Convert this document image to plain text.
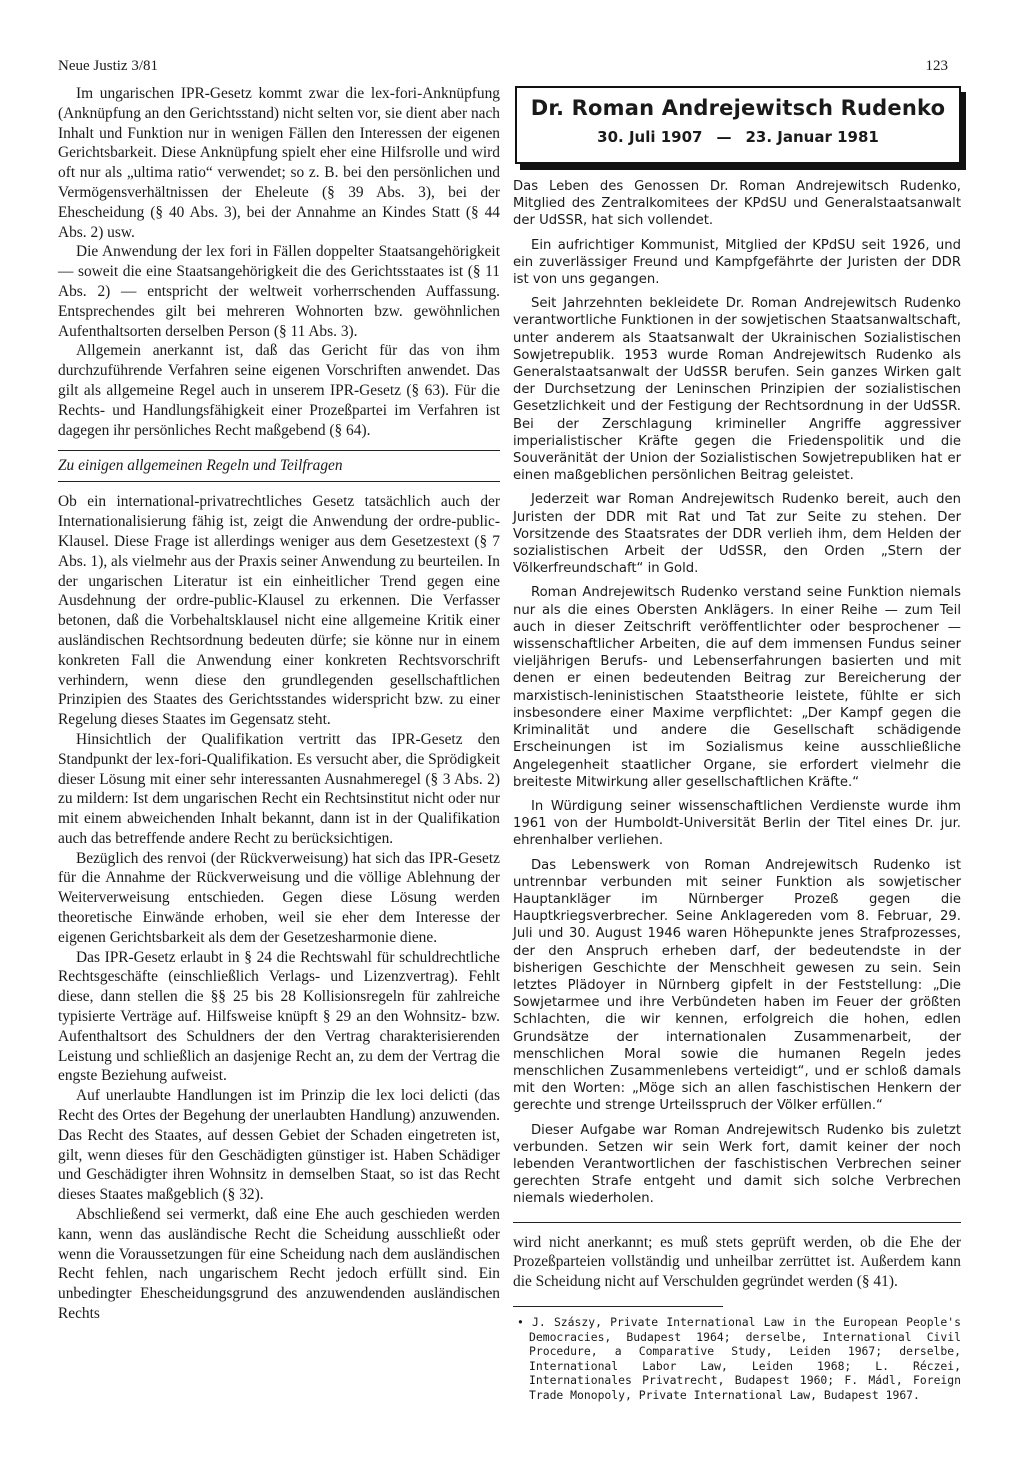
Neue Justiz 3/81	123

Im ungarischen IPR-Gesetz kommt zwar die lex-fori-Anknüpfung (Anknüpfung an den Gerichtsstand) nicht selten vor, sie dient aber nach Inhalt und Funktion nur in wenigen Fällen den Interessen der eigenen Gerichtsbarkeit. Diese Anknüpfung spielt eher eine Hilfsrolle und wird oft nur als „ultima ratio“ verwendet; so z. B. bei den persönlichen und Vermögensverhältnissen der Eheleute (§ 39 Abs. 3), bei der Ehescheidung (§ 40 Abs. 3), bei der Annahme an Kindes Statt (§ 44 Abs. 2) usw.

Die Anwendung der lex fori in Fällen doppelter Staatsangehörigkeit — soweit die eine Staatsangehörigkeit die des Gerichtsstaates ist (§ 11 Abs. 2) — entspricht der weltweit vorherrschenden Auffassung. Entsprechendes gilt bei mehreren Wohnorten bzw. gewöhnlichen Aufenthaltsorten derselben Person (§ 11 Abs. 3).

Allgemein anerkannt ist, daß das Gericht für das von ihm durchzuführende Verfahren seine eigenen Vorschriften anwendet. Das gilt als allgemeine Regel auch in unserem IPR-Gesetz (§ 63). Für die Rechts- und Handlungsfähigkeit einer Prozeßpartei im Verfahren ist dagegen ihr persönliches Recht maßgebend (§ 64).

Zu einigen allgemeinen Regeln und Teilfragen

Ob ein international-privatrechtliches Gesetz tatsächlich auch der Internationalisierung fähig ist, zeigt die Anwendung der ordre-public-Klausel. Diese Frage ist allerdings weniger aus dem Gesetzestext (§ 7 Abs. 1), als vielmehr aus der Praxis seiner Anwendung zu beurteilen. In der ungarischen Literatur ist ein einheitlicher Trend gegen eine Ausdehnung der ordre-public-Klausel zu erkennen. Die Verfasser betonen, daß die Vorbehaltsklausel nicht eine allgemeine Kritik einer ausländischen Rechtsordnung bedeuten dürfe; sie könne nur in einem konkreten Fall die Anwendung einer konkreten Rechtsvorschrift verhindern, wenn diese den grundlegenden gesellschaftlichen Prinzipien des Staates des Gerichtsstandes widerspricht bzw. zu einer Regelung dieses Staates im Gegensatz steht.

Hinsichtlich der Qualifikation vertritt das IPR-Gesetz den Standpunkt der lex-fori-Qualifikation. Es versucht aber, die Sprödigkeit dieser Lösung mit einer sehr interessanten Ausnahmeregel (§ 3 Abs. 2) zu mildern: Ist dem ungarischen Recht ein Rechtsinstitut nicht oder nur mit einem abweichenden Inhalt bekannt, dann ist in der Qualifikation auch das betreffende andere Recht zu berücksichtigen.

Bezüglich des renvoi (der Rückverweisung) hat sich das IPR-Gesetz für die Annahme der Rückverweisung und die völlige Ablehnung der Weiterverweisung entschieden. Gegen diese Lösung werden theoretische Einwände erhoben, weil sie eher dem Interesse der eigenen Gerichtsbarkeit als dem der Gesetzesharmonie diene.

Das IPR-Gesetz erlaubt in § 24 die Rechtswahl für schuldrechtliche Rechtsgeschäfte (einschließlich Verlags- und Lizenzvertrag). Fehlt diese, dann stellen die §§ 25 bis 28 Kollisionsregeln für zahlreiche typisierte Verträge auf. Hilfsweise knüpft § 29 an den Wohnsitz- bzw. Aufenthaltsort des Schuldners der den Vertrag charakterisierenden Leistung und schließlich an dasjenige Recht an, zu dem der Vertrag die engste Beziehung aufweist.

Auf unerlaubte Handlungen ist im Prinzip die lex loci delicti (das Recht des Ortes der Begehung der unerlaubten Handlung) anzuwenden. Das Recht des Staates, auf dessen Gebiet der Schaden eingetreten ist, gilt, wenn dieses für den Geschädigten günstiger ist. Haben Schädiger und Geschädigter ihren Wohnsitz in demselben Staat, so ist das Recht dieses Staates maßgeblich (§ 32).

Abschließend sei vermerkt, daß eine Ehe auch geschieden werden kann, wenn das ausländische Recht die Scheidung ausschließt oder wenn die Voraussetzungen für eine Scheidung nach dem ausländischen Recht fehlen, nach ungarischem Recht jedoch erfüllt sind. Ein unbedingter Ehescheidungsgrund des anzuwendenden ausländischen Rechts

Dr. Roman Andrejewitsch Rudenko
30. Juli 1907 — 23. Januar 1981

Das Leben des Genossen Dr. Roman Andrejewitsch Rudenko, Mitglied des Zentralkomitees der KPdSU und Generalstaatsanwalt der UdSSR, hat sich vollendet.

Ein aufrichtiger Kommunist, Mitglied der KPdSU seit 1926, und ein zuverlässiger Freund und Kampfgefährte der Juristen der DDR ist von uns gegangen.

Seit Jahrzehnten bekleidete Dr. Roman Andrejewitsch Rudenko verantwortliche Funktionen in der sowjetischen Staatsanwaltschaft, unter anderem als Staatsanwalt der Ukrainischen Sozialistischen Sowjetrepublik. 1953 wurde Roman Andrejewitsch Rudenko als Generalstaatsanwalt der UdSSR berufen. Sein ganzes Wirken galt der Durchsetzung der Leninschen Prinzipien der sozialistischen Gesetzlichkeit und der Festigung der Rechtsordnung in der UdSSR. Bei der Zerschlagung krimineller Angriffe aggressiver imperialistischer Kräfte gegen die Friedenspolitik und die Souveränität der Union der Sozialistischen Sowjetrepubliken hat er einen maßgeblichen persönlichen Beitrag geleistet.

Jederzeit war Roman Andrejewitsch Rudenko bereit, auch den Juristen der DDR mit Rat und Tat zur Seite zu stehen. Der Vorsitzende des Staatsrates der DDR verlieh ihm, dem Helden der sozialistischen Arbeit der UdSSR, den Orden „Stern der Völkerfreundschaft“ in Gold.

Roman Andrejewitsch Rudenko verstand seine Funktion niemals nur als die eines Obersten Anklägers. In einer Reihe — zum Teil auch in dieser Zeitschrift veröffentlichter oder besprochener — wissenschaftlicher Arbeiten, die auf dem immensen Fundus seiner vieljährigen Berufs- und Lebenserfahrungen basierten und mit denen er einen bedeutenden Beitrag zur Bereicherung der marxistisch-leninistischen Staatstheorie leistete, fühlte er sich insbesondere einer Maxime verpflichtet: „Der Kampf gegen die Kriminalität und andere die Gesellschaft schädigende Erscheinungen ist im Sozialismus keine ausschließliche Angelegenheit staatlicher Organe, sie erfordert vielmehr die breiteste Mitwirkung aller gesellschaftlichen Kräfte.“

In Würdigung seiner wissenschaftlichen Verdienste wurde ihm 1961 von der Humboldt-Universität Berlin der Titel eines Dr. jur. ehrenhalber verliehen.

Das Lebenswerk von Roman Andrejewitsch Rudenko ist untrennbar verbunden mit seiner Funktion als sowjetischer Hauptankläger im Nürnberger Prozeß gegen die Hauptkriegsverbrecher. Seine Anklagereden vom 8. Februar, 29. Juli und 30. August 1946 waren Höhepunkte jenes Strafprozesses, der den Anspruch erheben darf, der bedeutendste in der bisherigen Geschichte der Menschheit gewesen zu sein. Sein letztes Plädoyer in Nürnberg gipfelt in der Feststellung: „Die Sowjetarmee und ihre Verbündeten haben im Feuer der größten Schlachten, die wir kennen, erfolgreich die hohen, edlen Grundsätze der internationalen Zusammenarbeit, der menschlichen Moral sowie die humanen Regeln jedes menschlichen Zusammenlebens verteidigt“, und er schloß damals mit den Worten: „Möge sich an allen faschistischen Henkern der gerechte und strenge Urteilsspruch der Völker erfüllen.“

Dieser Aufgabe war Roman Andrejewitsch Rudenko bis zuletzt verbunden. Setzen wir sein Werk fort, damit keiner der noch lebenden Verantwortlichen der faschistischen Verbrechen seiner gerechten Strafe entgeht und damit sich solche Verbrechen niemals wiederholen.

wird nicht anerkannt; es muß stets geprüft werden, ob die Ehe der Prozeßparteien vollständig und unheilbar zerrüttet ist. Außerdem kann die Scheidung nicht auf Verschulden gegründet werden (§ 41).

• J. Szászy, Private International Law in the European People's Democracies, Budapest 1964; derselbe, International Civil Procedure, a Comparative Study, Leiden 1967; derselbe, International Labor Law, Leiden 1968; L. Réczei, Internationales Privatrecht, Budapest 1960; F. Mádl, Foreign Trade Monopoly, Private International Law, Budapest 1967.
